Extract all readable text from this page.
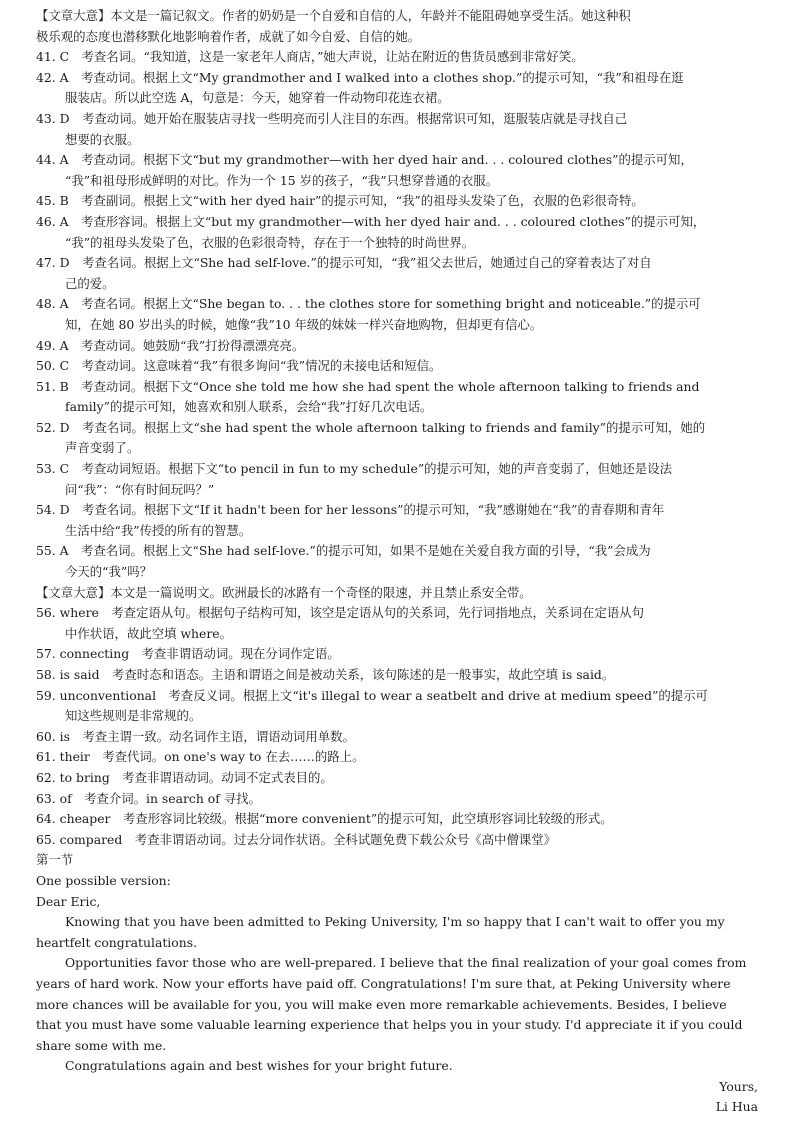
【文章大意】本文是一篇记叙文。作者的奶奶是一个自爱和自信的人，年龄并不能阻碍她享受生活。她这种积
极乐观的态度也潜移默化地影响着作者，成就了如今自爱、自信的她。
41. C　考查名词。“我知道，这是一家老年人商店，”她大声说，让站在附近的售货员感到非常好笑。
42. A　考查动词。根据上文“My grandmother and I walked into a clothes shop.”的提示可知，“我”和祖母在逛
服装店。所以此空选 A，句意是：今天，她穿着一件动物印花连衣裙。
43. D　考查动词。她开始在服装店寻找一些明亮而引人注目的东西。根据常识可知，逛服装店就是寻找自己
想要的衣服。
44. A　考查动词。根据下文“but my grandmother—with her dyed hair and. . . coloured clothes”的提示可知，
“我”和祖母形成鲜明的对比。作为一个 15 岁的孩子，“我”只想穿普通的衣服。
45. B　考查副词。根据上文“with her dyed hair”的提示可知，“我”的祖母头发染了色，衣服的色彩很奇特。
46. A　考查形容词。根据上文“but my grandmother—with her dyed hair and. . . coloured clothes”的提示可知，
“我”的祖母头发染了色，衣服的色彩很奇特，存在于一个独特的时尚世界。
47. D　考查名词。根据上文“She had self-love.”的提示可知，“我”祖父去世后，她通过自己的穿着表达了对自
己的爱。
48. A　考查名词。根据上文“She began to. . . the clothes store for something bright and noticeable.”的提示可
知，在她 80 岁出头的时候，她像“我”10 年级的妹妹一样兴奋地购物，但却更有信心。
49. A　考查动词。她鼓励“我”打扮得漂漂亮亮。
50. C　考查动词。这意味着“我”有很多询问“我”情况的未接电话和短信。
51. B　考查动词。根据下文“Once she told me how she had spent the whole afternoon talking to friends and
family”的提示可知，她喜欢和别人联系，会给“我”打好几次电话。
52. D　考查名词。根据上文“she had spent the whole afternoon talking to friends and family”的提示可知，她的
声音变弱了。
53. C　考查动词短语。根据下文“to pencil in fun to my schedule”的提示可知，她的声音变弱了，但她还是设法
问“我”：“你有时间玩吗？”
54. D　考查名词。根据下文“If it hadn't been for her lessons”的提示可知，“我”感谢她在“我”的青春期和青年
生活中给“我”传授的所有的智慧。
55. A　考查名词。根据上文“She had self-love.”的提示可知，如果不是她在关爱自我方面的引导，“我”会成为
今天的“我”吗？
【文章大意】本文是一篇说明文。欧洲最长的冰路有一个奇怪的限速，并且禁止系安全带。
56. where　考查定语从句。根据句子结构可知，该空是定语从句的关系词，先行词指地点，关系词在定语从句
中作状语，故此空填 where。
57. connecting　考查非谓语动词。现在分词作定语。
58. is said　考查时态和语态。主语和谓语之间是被动关系，该句陈述的是一般事实，故此空填 is said。
59. unconventional　考查反义词。根据上文“it's illegal to wear a seatbelt and drive at medium speed”的提示可
知这些规则是非常规的。
60. is　考查主谓一致。动名词作主语，谓语动词用单数。
61. their　考查代词。on one's way to 在去……的路上。
62. to bring　考查非谓语动词。动词不定式表目的。
63. of　考查介词。in search of 寻找。
64. cheaper　考查形容词比较级。根据“more convenient”的提示可知，此空填形容词比较级的形式。
65. compared　考查非谓语动词。过去分词作状语。全科试题免费下载公众号《高中僧课堂》
第一节
One possible version:
Dear Eric,
Knowing that you have been admitted to Peking University, I'm so happy that I can't wait to offer you my
heartfelt congratulations.
Opportunities favor those who are well-prepared. I believe that the final realization of your goal comes from
years of hard work. Now your efforts have paid off. Congratulations! I'm sure that, at Peking University where
more chances will be available for you, you will make even more remarkable achievements. Besides, I believe
that you must have some valuable learning experience that helps you in your study. I'd appreciate it if you could
share some with me.
Congratulations again and best wishes for your bright future.
Yours,
Li Hua
